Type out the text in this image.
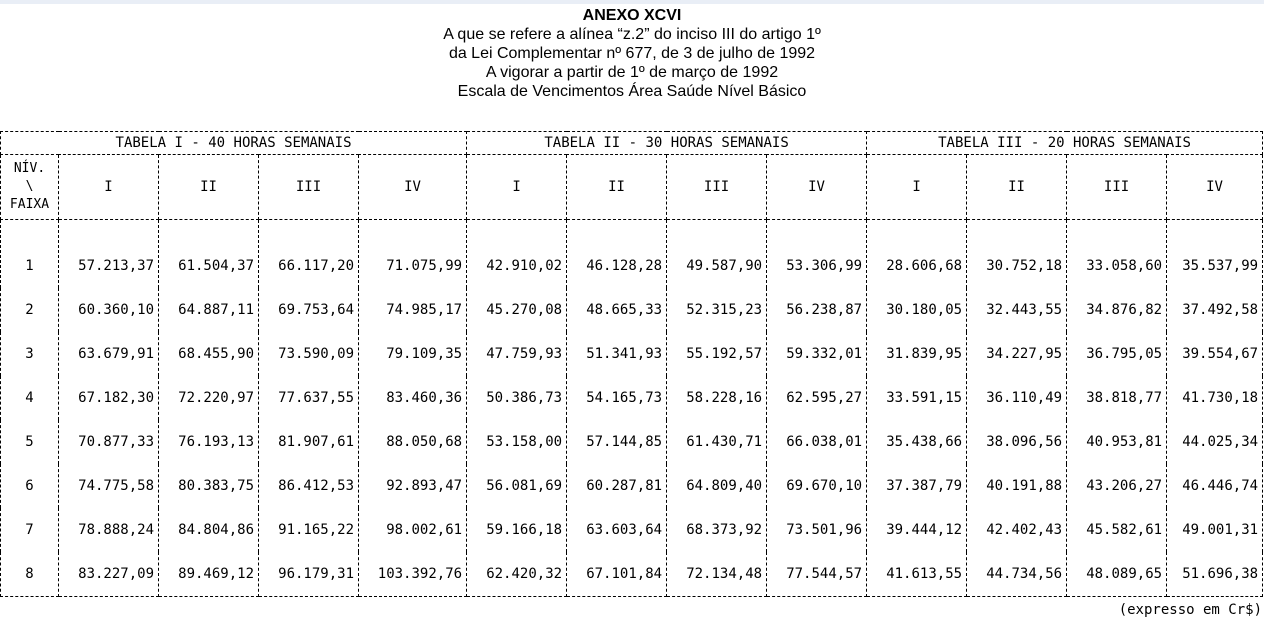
ANEXO XCVI
A que se refere a alínea “z.2” do inciso III do artigo 1º
da Lei Complementar nº 677, de 3 de julho de 1992
A vigorar a partir de 1º de março de 1992
Escala de Vencimentos Área Saúde Nível Básico
TABELA I - 40 HORAS SEMANAIS					TABELA II - 30 HORAS SEMANAIS				TABELA III - 20 HORAS SEMANAIS			

NÍV.
\
FAIXA	I	II	III	IV	I	II	III	IV	I	II	III	IV
1	57.213,37	61.504,37	66.117,20	71.075,99	42.910,02	46.128,28	49.587,90	53.306,99	28.606,68	30.752,18	33.058,60	35.537,99
2	60.360,10	64.887,11	69.753,64	74.985,17	45.270,08	48.665,33	52.315,23	56.238,87	30.180,05	32.443,55	34.876,82	37.492,58
3	63.679,91	68.455,90	73.590,09	79.109,35	47.759,93	51.341,93	55.192,57	59.332,01	31.839,95	34.227,95	36.795,05	39.554,67
4	67.182,30	72.220,97	77.637,55	83.460,36	50.386,73	54.165,73	58.228,16	62.595,27	33.591,15	36.110,49	38.818,77	41.730,18
5	70.877,33	76.193,13	81.907,61	88.050,68	53.158,00	57.144,85	61.430,71	66.038,01	35.438,66	38.096,56	40.953,81	44.025,34
6	74.775,58	80.383,75	86.412,53	92.893,47	56.081,69	60.287,81	64.809,40	69.670,10	37.387,79	40.191,88	43.206,27	46.446,74
7	78.888,24	84.804,86	91.165,22	98.002,61	59.166,18	63.603,64	68.373,92	73.501,96	39.444,12	42.402,43	45.582,61	49.001,31
8	83.227,09	89.469,12	96.179,31	103.392,76	62.420,32	67.101,84	72.134,48	77.544,57	41.613,55	44.734,56	48.089,65	51.696,38
(expresso em Cr$)
